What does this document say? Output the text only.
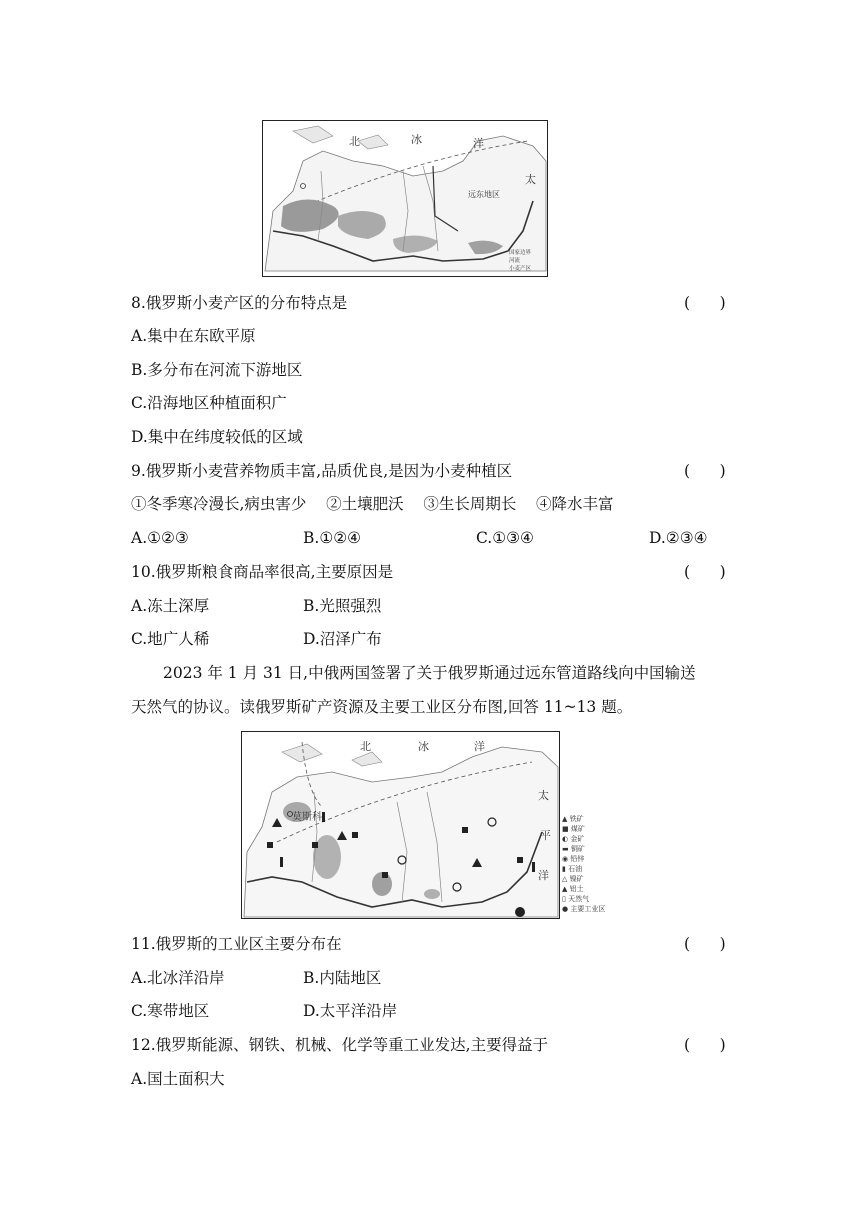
北	冰	洋
太
远东地区
国家边界
河流
小麦产区
8.俄罗斯小麦产区的分布特点是	(      )
A.集中在东欧平原
B.多分布在河流下游地区
C.沿海地区种植面积广
D.集中在纬度较低的区域
9.俄罗斯小麦营养物质丰富,品质优良,是因为小麦种植区	(      )
①冬季寒冷漫长,病虫害少    ②土壤肥沃    ③生长周期长    ④降水丰富
A.①②③	B.①②④	C.①③④	D.②③④
10.俄罗斯粮食商品率很高,主要原因是	(      )
A.冻土深厚	B.光照强烈
C.地广人稀	D.沼泽广布
2023 年 1 月 31 日,中俄两国签署了关于俄罗斯通过远东管道路线向中国输送
天然气的协议。读俄罗斯矿产资源及主要工业区分布图,回答 11~13 题。
北	冰	洋
太
平
洋
莫斯科	▲ 铁矿
■ 煤矿
◐ 金矿
▬ 铜矿
◉ 铅锌
▮ 石油
△ 镍矿
▲ 铝土
▯ 天然气
● 主要工业区
11.俄罗斯的工业区主要分布在	(      )
A.北冰洋沿岸	B.内陆地区
C.寒带地区	D.太平洋沿岸
12.俄罗斯能源、钢铁、机械、化学等重工业发达,主要得益于	(      )
A.国土面积大
